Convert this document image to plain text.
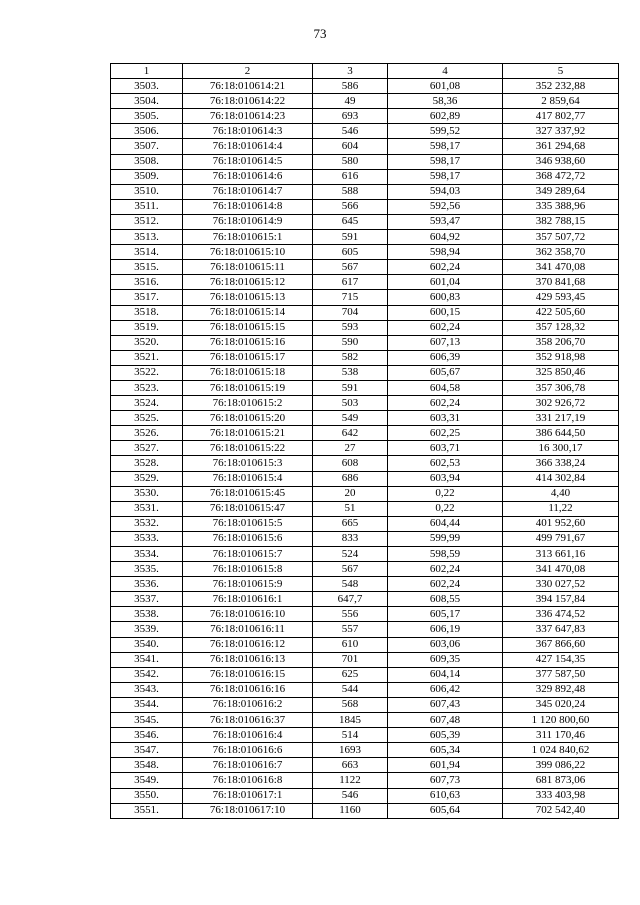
73
1	2	3	4	5
3503.	76:18:010614:21	586	601,08	352 232,88
3504.	76:18:010614:22	49	58,36	2 859,64
3505.	76:18:010614:23	693	602,89	417 802,77
3506.	76:18:010614:3	546	599,52	327 337,92
3507.	76:18:010614:4	604	598,17	361 294,68
3508.	76:18:010614:5	580	598,17	346 938,60
3509.	76:18:010614:6	616	598,17	368 472,72
3510.	76:18:010614:7	588	594,03	349 289,64
3511.	76:18:010614:8	566	592,56	335 388,96
3512.	76:18:010614:9	645	593,47	382 788,15
3513.	76:18:010615:1	591	604,92	357 507,72
3514.	76:18:010615:10	605	598,94	362 358,70
3515.	76:18:010615:11	567	602,24	341 470,08
3516.	76:18:010615:12	617	601,04	370 841,68
3517.	76:18:010615:13	715	600,83	429 593,45
3518.	76:18:010615:14	704	600,15	422 505,60
3519.	76:18:010615:15	593	602,24	357 128,32
3520.	76:18:010615:16	590	607,13	358 206,70
3521.	76:18:010615:17	582	606,39	352 918,98
3522.	76:18:010615:18	538	605,67	325 850,46
3523.	76:18:010615:19	591	604,58	357 306,78
3524.	76:18:010615:2	503	602,24	302 926,72
3525.	76:18:010615:20	549	603,31	331 217,19
3526.	76:18:010615:21	642	602,25	386 644,50
3527.	76:18:010615:22	27	603,71	16 300,17
3528.	76:18:010615:3	608	602,53	366 338,24
3529.	76:18:010615:4	686	603,94	414 302,84
3530.	76:18:010615:45	20	0,22	4,40
3531.	76:18:010615:47	51	0,22	11,22
3532.	76:18:010615:5	665	604,44	401 952,60
3533.	76:18:010615:6	833	599,99	499 791,67
3534.	76:18:010615:7	524	598,59	313 661,16
3535.	76:18:010615:8	567	602,24	341 470,08
3536.	76:18:010615:9	548	602,24	330 027,52
3537.	76:18:010616:1	647,7	608,55	394 157,84
3538.	76:18:010616:10	556	605,17	336 474,52
3539.	76:18:010616:11	557	606,19	337 647,83
3540.	76:18:010616:12	610	603,06	367 866,60
3541.	76:18:010616:13	701	609,35	427 154,35
3542.	76:18:010616:15	625	604,14	377 587,50
3543.	76:18:010616:16	544	606,42	329 892,48
3544.	76:18:010616:2	568	607,43	345 020,24
3545.	76:18:010616:37	1845	607,48	1 120 800,60
3546.	76:18:010616:4	514	605,39	311 170,46
3547.	76:18:010616:6	1693	605,34	1 024 840,62
3548.	76:18:010616:7	663	601,94	399 086,22
3549.	76:18:010616:8	1122	607,73	681 873,06
3550.	76:18:010617:1	546	610,63	333 403,98
3551.	76:18:010617:10	1160	605,64	702 542,40
